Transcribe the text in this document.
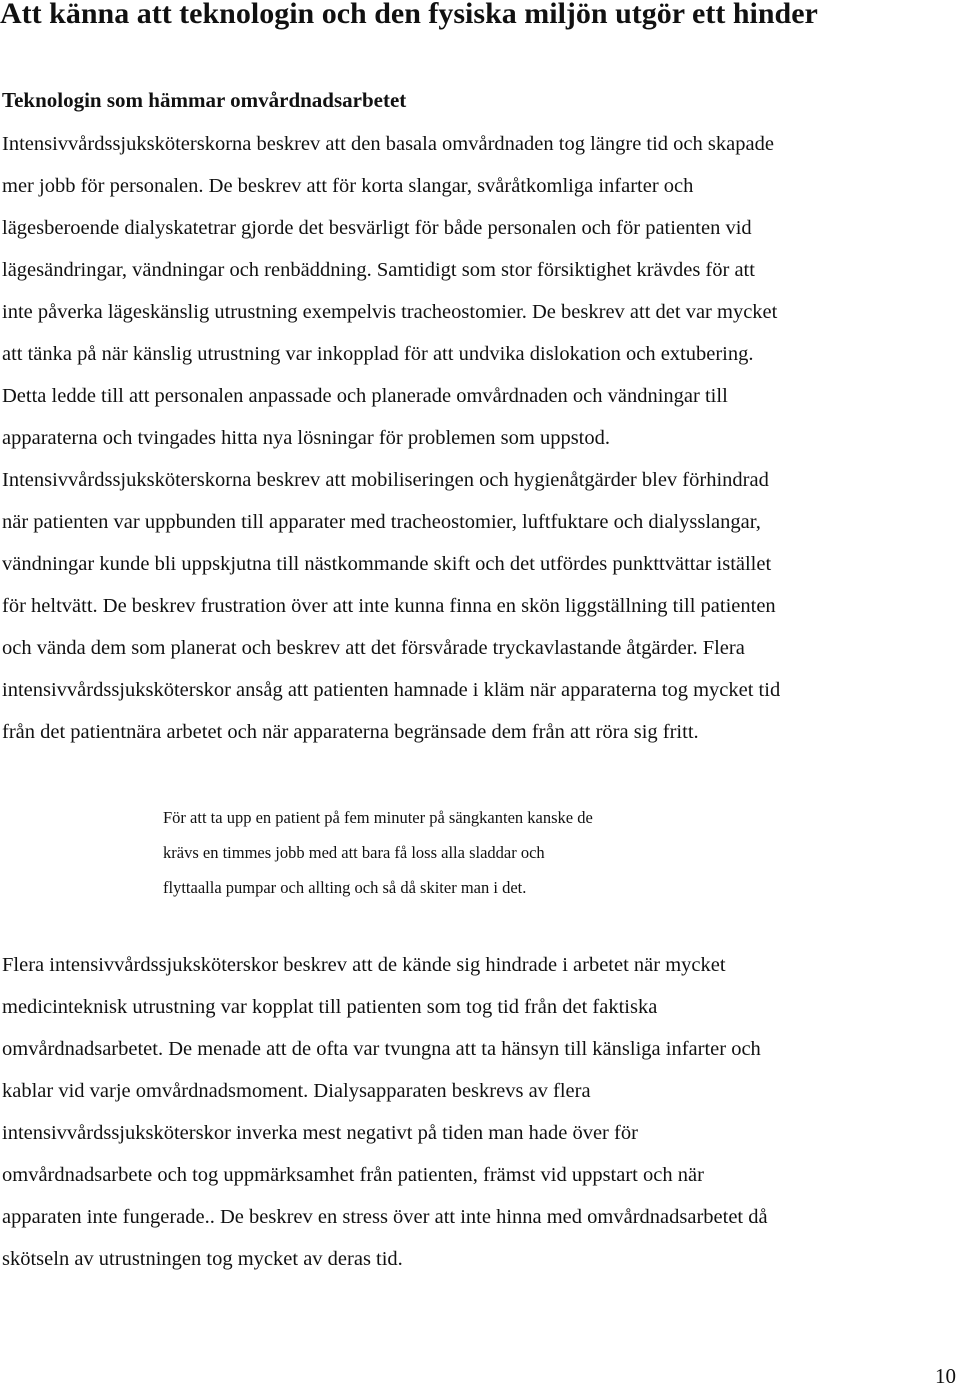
Att känna att teknologin och den fysiska miljön utgör ett hinder
Teknologin som hämmar omvårdnadsarbetet
Intensivvårdssjuksköterskorna beskrev att den basala omvårdnaden tog längre tid och skapade
mer jobb för personalen. De beskrev att för korta slangar, svåråtkomliga infarter och
lägesberoende dialyskatetrar gjorde det besvärligt för både personalen och för patienten vid
lägesändringar, vändningar och renbäddning. Samtidigt som stor försiktighet krävdes för att
inte påverka lägeskänslig utrustning exempelvis tracheostomier. De beskrev att det var mycket
att tänka på när känslig utrustning var inkopplad för att undvika dislokation och extubering.
Detta ledde till att personalen anpassade och planerade omvårdnaden och vändningar till
apparaterna och tvingades hitta nya lösningar för problemen som uppstod.
Intensivvårdssjuksköterskorna beskrev att mobiliseringen och hygienåtgärder blev förhindrad
när patienten var uppbunden till apparater med tracheostomier, luftfuktare och dialysslangar,
vändningar kunde bli uppskjutna till nästkommande skift och det utfördes punkttvättar istället
för heltvätt. De beskrev frustration över att inte kunna finna en skön liggställning till patienten
och vända dem som planerat och beskrev att det försvårade tryckavlastande åtgärder. Flera
intensivvårdssjuksköterskor ansåg att patienten hamnade i kläm när apparaterna tog mycket tid
från det patientnära arbetet och när apparaterna begränsade dem från att röra sig fritt.
För att ta upp en patient på fem minuter på sängkanten kanske de
krävs en timmes jobb med att bara få loss alla sladdar och
flyttaalla pumpar och allting och så då skiter man i det.
Flera intensivvårdssjuksköterskor beskrev att de kände sig hindrade i arbetet när mycket
medicinteknisk utrustning var kopplat till patienten som tog tid från det faktiska
omvårdnadsarbetet. De menade att de ofta var tvungna att ta hänsyn till känsliga infarter och
kablar vid varje omvårdnadsmoment. Dialysapparaten beskrevs av flera
intensivvårdssjuksköterskor inverka mest negativt på tiden man hade över för
omvårdnadsarbete och tog uppmärksamhet från patienten, främst vid uppstart och när
apparaten inte fungerade.. De beskrev en stress över att inte hinna med omvårdnadsarbetet då
skötseln av utrustningen tog mycket av deras tid.
10
